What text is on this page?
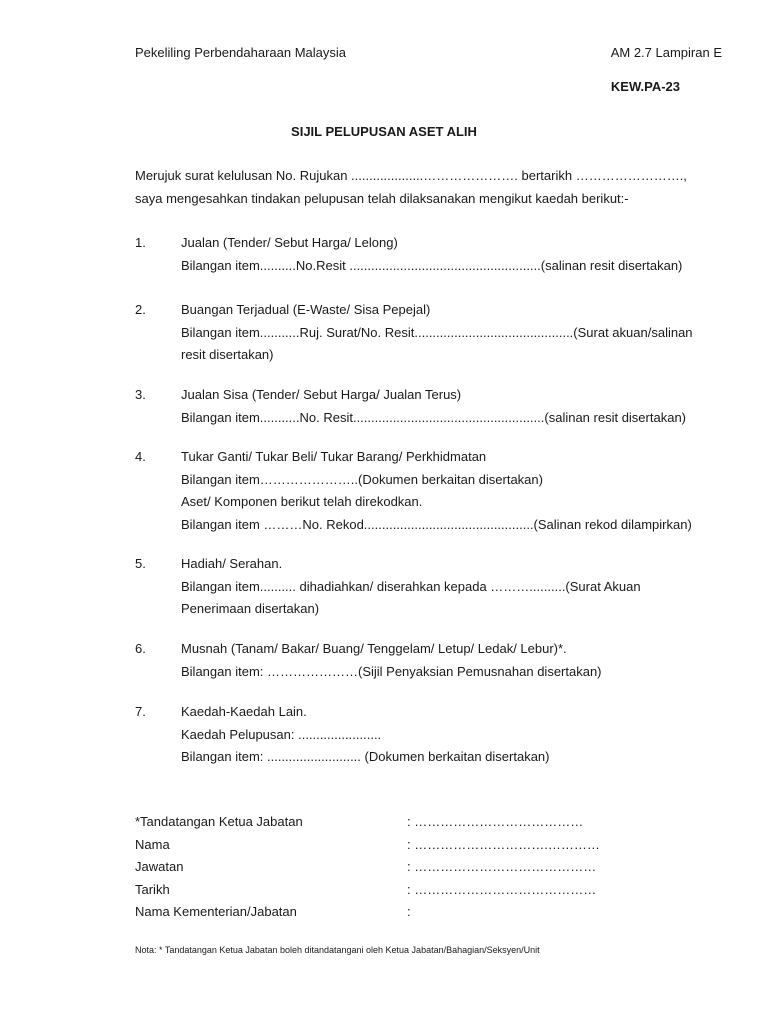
Pekeliling Perbendaharaan Malaysia	AM 2.7 Lampiran E
KEW.PA-23
SIJIL PELUPUSAN ASET ALIH
Merujuk surat kelulusan No. Rujukan ....................…………………. bertarikh …………………….,
saya mengesahkan tindakan pelupusan telah dilaksanakan mengikut kaedah berikut:-
1.	Jualan (Tender/ Sebut Harga/ Lelong)
Bilangan item..........No.Resit .....................................................(salinan resit disertakan)
2.	Buangan Terjadual (E-Waste/ Sisa Pepejal)
Bilangan item...........Ruj. Surat/No. Resit............................................(Surat akuan/salinan
resit disertakan)
3.	Jualan Sisa (Tender/ Sebut Harga/ Jualan Terus)
Bilangan item...........No. Resit.....................................................(salinan resit disertakan)
4.	Tukar Ganti/ Tukar Beli/ Tukar Barang/ Perkhidmatan
Bilangan item…………………..(Dokumen berkaitan disertakan)
Aset/ Komponen berikut telah direkodkan.
Bilangan item ………No. Rekod...............................................(Salinan rekod dilampirkan)
5.	Hadiah/ Serahan.
Bilangan item.......... dihadiahkan/ diserahkan kepada ………..........(Surat Akuan
Penerimaan disertakan)
6.	Musnah (Tanam/ Bakar/ Buang/ Tenggelam/ Letup/ Ledak/ Lebur)*.
Bilangan item: …………………(Sijil Penyaksian Pemusnahan disertakan)
7.	Kaedah-Kaedah Lain.
Kaedah Pelupusan: .......................
Bilangan item: .......................... (Dokumen berkaitan disertakan)
*Tandatangan Ketua Jabatan	: …………………………………
Nama	: ………………………….…………
Jawatan	: ……………………………………
Tarikh	: ……………………………………
Nama Kementerian/Jabatan	:
Nota: * Tandatangan Ketua Jabatan boleh ditandatangani oleh Ketua Jabatan/Bahagian/Seksyen/Unit
